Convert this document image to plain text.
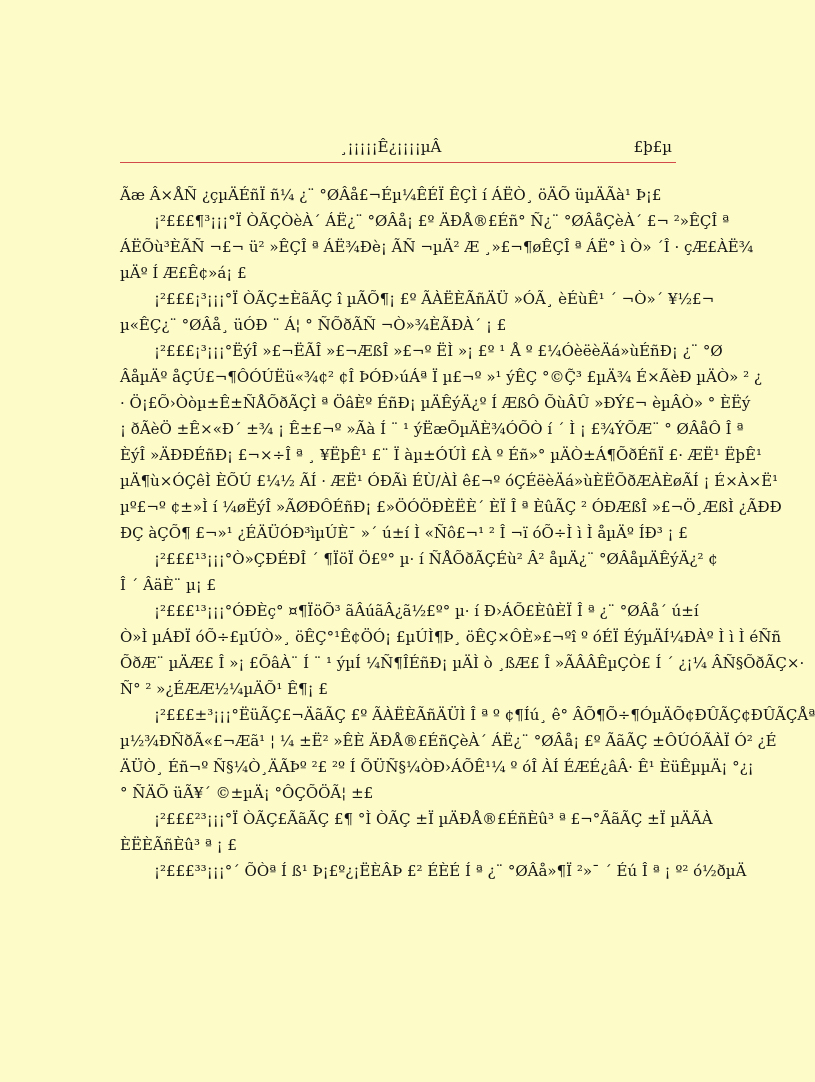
¸¡¡¡¡¡Ê¿¡¡¡¡µÂ	£þ£µ
Ãæ Â×ÅÑ ¿çµÄÉñÏ ñ¼ ¿¨ °ØÂå£¬Éµ¼ÊÉÏ ÊÇÌ í ÁËÒ¸ öÄÕ üµÄÃà¹ Þ¡£
¡²£££¶³¡¡¡°Ï ÒÃÇÒèÀ´ ÁË¿¨ °ØÂå¡ £º ÄÐÅ®£Éñ° Ñ¿¨ °ØÂåÇèÀ´ £¬ ²»ÊÇÎ ª
ÁËÕù³ÈÃÑ ¬£¬ ü² »ÊÇÎ ª ÁË¾Ðè¡ ÃÑ ¬µÄ² Æ ¸»£¬¶øÊÇÎ ª ÁË° ì Ò» ´Î · çÆ£ÀË¾
µÄº Í Æ£Ê¢»á¡ £
¡²£££¡³¡¡¡°Ï ÒÃÇ±ÈãÃÇ î µÃÕ¶¡ £º ÃÀËÈÃñÄÜ »ÓÃ¸ èÉùÊ¹ ´ ¬Ò»´ ¥½£¬
µ«ÊÇ¿¨ °ØÂå¸ üÓÐ ¨ Á¦ ° ÑÕðÃÑ ¬Ò»¾ÈÃÐÀ´ ¡ £
¡²£££¡³¡¡¡°ËýÎ »£¬ËÃÎ »£¬ÆßÎ »£¬º ËÌ »¡ £º ¹ Å º £¼ÓèëèÄá»ùÉñÐ¡ ¿¨ °Ø
ÂåµÄº åÇÚ£¬¶ÔÓÚËü«¾¢² ¢Î ÞÓÐ›úÁª Ï µ£¬º »¹ ýÊÇ °©Ç̃³ £µÄ¾ É×ÃèÐ µÄÒ» ² ¿
· Ö¡£Õ›Òòµ±Ê±ÑÅÕðÃÇÌ ª ÖâÈº ÉñÐ¡ µÄÊýÄ¿º Í ÆßÔ ÕùÂÛ »ÐÝ£¬ èµÂÒ» ° ÈËý
¡ ðÃèÖ ±Ê×«Ð´ ±¾ ¡ Ê±£¬º »Ãà Í ¨ ¹ ýËæÕµÄÈ¾ÓÕÒ í ´ Ì ¡ £¾ÝÕÆ¨ ° ØÂåÔ Î ª
ÈýÎ »ÄÐÐÉñÐ¡ £¬×÷Î ª ¸ ¥ËþÊ¹ £¨ Ï àµ±ÓÚÌ £À º Éñ»° µÄÒ±Á¶ÕðÉñÏ £· ÆË¹ ËþÊ¹
µÄ¶ù×ÓÇêÌ ÈÕÚ £¼½ ÃÍ · ÆË¹ ÓÐÃì ÉÙ/ÀÌ ê£¬º óÇÉëèÄá»ùÈËÕðÆÀÈøÃÍ ¡ É×À×Ë¹
µº£¬º ¢±»Ì í ¼øËýÎ »ÃØÐÔÉñÐ¡ £»ÖÓÖÐÈËÈ´ ÈÏ Î ª ÈûÃÇ ² ÓÐÆßÎ »£¬Ö¸ÆßÌ ¿ÃÐÐ
ÐÇ àÇÕ¶ £¬»¹ ¿ÉÄÜÓÐ³ìµÚÈ¯ »´ ú±í Ì «Ñô£¬¹ ² Î ¬ï óÕ÷Ì ì Ì åµÄº ÍÐ³ ¡ £
¡²£££¹³¡¡¡°Ò»ÇÐÉÐÎ ´ ¶ÏöÏ Ö£º° µ· í ÑÅÕðÃÇÉù² Â² åµÄ¿¨ °ØÂåµÄÊýÄ¿² ¢
Î ´ ÂäÈ¨ µ¡ £
¡²£££¹³¡¡¡°ÓÐÈç° ¤¶ÏöÕ³ ãÂúãÂ¿ã½£º° µ· í Ð›ÁÕ£ÈûÈÏ Î ª ¿¨ °ØÂå´ ú±í
Ò»Ì µÁÐÏ óÕ÷£µÚÒ»¸ öÊÇ°¹Ê¢ÖÓ¡ £µÚÌ¶Þ¸ öÊÇ×ÔÈ»£¬ºî º óÉÏ ÉýµÄÍ¼ÐÀº Ì ì Ì éÑñ
ÕðÆ¨ µÄÆ£ Î »¡ £ÕâÀ¨ Í ¨ ¹ ýµÍ ¼Ñ¶ÎÉñÐ¡ µÄÌ ò ¸ßÆ£ Î »ÃÂÂÊµÇÒ£ Í ´ ¿¡¼ ÂÑ§ÕðÃÇ×·
Ñ° ² »¿ÉÆÆ½¼µÄÕ¹ Ê¶¡ £
¡²£££±³¡¡¡°ËüÃÇ£¬ÄãÃÇ £º ÃÀËÈÃñÄÜÌ Î ª º ¢¶Íú¸ ê° ÂÕ¶Õ÷¶ÓµÄÕ¢ÐÛÃÇ¢ÐÛÃÇÅª
µ½¾ÐÑðÃ«£¬Æã¹ ¦ ¼ ±Ë² »ÊÈ ÄÐÅ®£ÉñÇèÀ´ ÁË¿¨ °ØÂå¡ £º ÃãÃÇ ±ÔÚÓÃÀÏ Ó² ¿É
ÄÜÒ¸ Éñ¬º Ñ§¼Ò¸ÄÃÞº ²£ ²º Í ÕÜÑ§¼ÒÐ›ÁÕÊ¹¼ º óÎ ÀÍ ÉÆÉ¿âÂ· Ê¹ ÈüÊµµÄ¡ °¿¡
° ÑÄÕ üÃ¥´ ©±µÄ¡ °ÔÇÕÖÃ¦ ±£
¡²£££²³¡¡¡°Ï ÒÃÇ£ÃãÃÇ £¶ °Ì ÒÃÇ ±Ï µÄÐÅ®£ÉñÈû³ ª £¬°ÃãÃÇ ±Ï µÄÃÀ
ÈËÈÃñÈû³ ª ¡ £
¡²£££³³¡¡¡°´ ÕÒª Í ß¹ Þ¡£º¿¡ËÈÂÞ £² ÉÈÉ Í ª ¿¨ °ØÂå»¶Ï ²»¯ ´ Éú Î ª ¡ º² ó½ðµÄ
